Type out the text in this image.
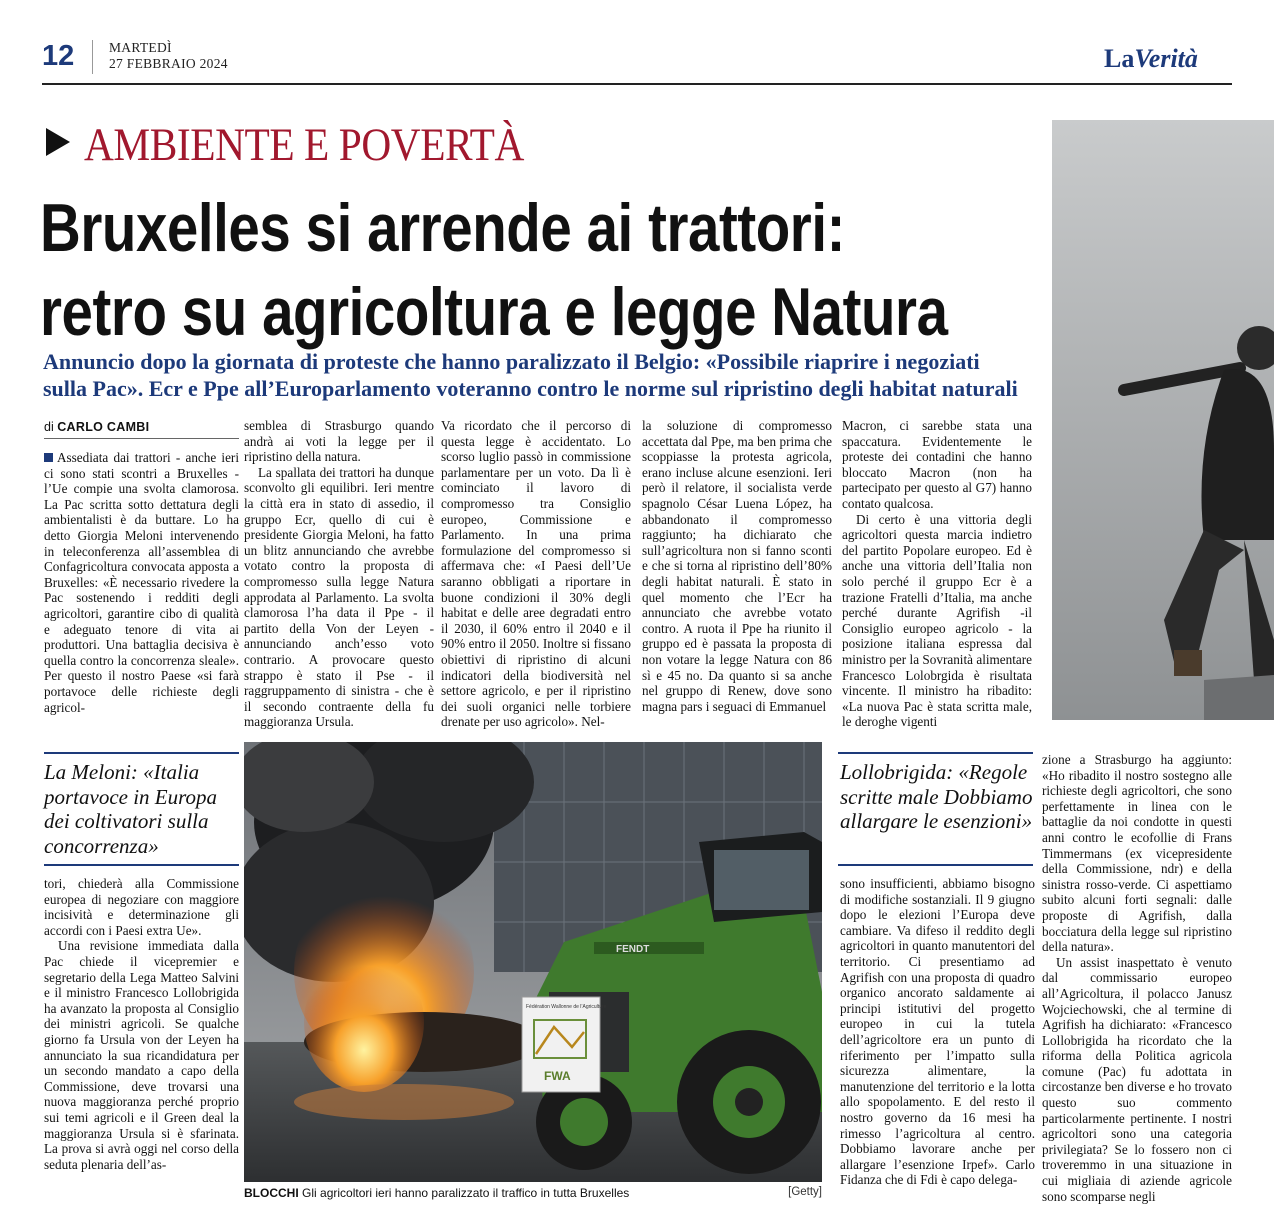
12	MARTEDÌ
27 FEBBRAIO 2024	LaVerità
AMBIENTE E POVERTÀ
Bruxelles si arrende ai trattori:
retro su agricoltura e legge Natura
Annuncio dopo la giornata di proteste che hanno paralizzato il Belgio: «Possibile riaprire i negoziati sulla Pac». Ecr e Ppe all’Europarlamento voteranno contro le norme sul ripristino degli habitat naturali
di CARLO CAMBI

Assediata dai trattori - anche ieri ci sono stati scontri a Bruxelles - l’Ue compie una svolta clamorosa. La Pac scritta sotto dettatura degli ambientalisti è da buttare. Lo ha detto Giorgia Meloni intervenendo in teleconferenza all’assemblea di Confagricoltura convocata apposta a Bruxelles: «È necessario rivedere la Pac sostenendo i redditi degli agricoltori, garantire cibo di qualità e adeguato tenore di vita ai produttori. Una battaglia decisiva è quella contro la concorrenza sleale». Per questo il nostro Paese «si farà portavoce delle richieste degli agricol-

semblea di Strasburgo quando andrà ai voti la legge per il ripristino della natura.

La spallata dei trattori ha dunque sconvolto gli equilibri. Ieri mentre la città era in stato di assedio, il gruppo Ecr, quello di cui è presidente Giorgia Meloni, ha fatto un blitz annunciando che avrebbe votato contro la proposta di compromesso sulla legge Natura approdata al Parlamento. La svolta clamorosa l’ha data il Ppe - il partito della Von der Leyen - annunciando anch’esso voto contrario. A provocare questo strappo è stato il Pse - il raggruppamento di sinistra - che è il secondo contraente della fu maggioranza Ursula.

Va ricordato che il percorso di questa legge è accidentato. Lo scorso luglio passò in commissione parlamentare per un voto. Da lì è cominciato il lavoro di compromesso tra Consiglio europeo, Commissione e Parlamento. In una prima formulazione del compromesso si affermava che: «I Paesi dell’Ue saranno obbligati a riportare in buone condizioni il 30% degli habitat e delle aree degradati entro il 2030, il 60% entro il 2040 e il 90% entro il 2050. Inoltre si fissano obiettivi di ripristino di alcuni indicatori della biodiversità nel settore agricolo, e per il ripristino dei suoli organici nelle torbiere drenate per uso agricolo». Nel-

la soluzione di compromesso accettata dal Ppe, ma ben prima che scoppiasse la protesta agricola, erano incluse alcune esenzioni. Ieri però il relatore, il socialista verde spagnolo César Luena López, ha abbandonato il compromesso raggiunto; ha dichiarato che sull’agricoltura non si fanno sconti e che si torna al ripristino dell’80% degli habitat naturali. È stato in quel momento che l’Ecr ha annunciato che avrebbe votato contro. A ruota il Ppe ha riunito il gruppo ed è passata la proposta di non votare la legge Natura con 86 sì e 45 no. Da quanto si sa anche nel gruppo di Renew, dove sono magna pars i seguaci di Emmanuel

Macron, ci sarebbe stata una spaccatura. Evidentemente le proteste dei contadini che hanno bloccato Macron (non ha partecipato per questo al G7) hanno contato qualcosa.

Di certo è una vittoria degli agricoltori questa marcia indietro del partito Popolare europeo. Ed è anche una vittoria dell’Italia non solo perché il gruppo Ecr è a trazione Fratelli d’Italia, ma anche perché durante Agrifish -il Consiglio europeo agricolo - la posizione italiana espressa dal ministro per la Sovranità alimentare Francesco Lolobrgida è risultata vincente. Il ministro ha ribadito: «La nuova Pac è stata scritta male, le deroghe vigenti

La Meloni: «Italia portavoce in Europa dei coltivatori sulla concorrenza»
Lollobrigida: «Regole scritte male Dobbiamo allargare le esenzioni»

tori, chiederà alla Commissione europea di negoziare con maggiore incisività e determinazione gli accordi con i Paesi extra Ue».

Una revisione immediata dalla Pac chiede il vicepremier e segretario della Lega Matteo Salvini e il ministro Francesco Lollobrigida ha avanzato la proposta al Consiglio dei ministri agricoli. Se qualche giorno fa Ursula von der Leyen ha annunciato la sua ricandidatura per un secondo mandato a capo della Commissione, deve trovarsi una nuova maggioranza perché proprio sui temi agricoli e il Green deal la maggioranza Ursula si è sfarinata. La prova si avrà oggi nel corso della seduta plenaria dell’as-

sono insufficienti, abbiamo bisogno di modifiche sostanziali. Il 9 giugno dopo le elezioni l’Europa deve cambiare. Va difeso il reddito degli agricoltori in quanto manutentori del territorio. Ci presentiamo ad Agrifish con una proposta di quadro organico ancorato saldamente ai principi istitutivi del progetto europeo in cui la tutela dell’agricoltore era un punto di riferimento per l’impatto sulla sicurezza alimentare, la manutenzione del territorio e la lotta allo spopolamento. E del resto il nostro governo da 16 mesi ha rimesso l’agricoltura al centro. Dobbiamo lavorare anche per allargare l’esenzione Irpef». Carlo Fidanza che di Fdi è capo delega-

zione a Strasburgo ha aggiunto: «Ho ribadito il nostro sostegno alle richieste degli agricoltori, che sono perfettamente in linea con le battaglie da noi condotte in questi anni contro le ecofollie di Frans Timmermans (ex vicepresidente della Commissione, ndr) e della sinistra rosso-verde. Ci aspettiamo subito alcuni forti segnali: dalle proposte di Agrifish, dalla bocciatura della legge sul ripristino della natura».

Un assist inaspettato è venuto dal commissario europeo all’Agricoltura, il polacco Janusz Wojciechowski, che al termine di Agrifish ha dichiarato: «Francesco Lollobrigida ha ricordato che la riforma della Politica agricola comune (Pac) fu adottata in circostanze ben diverse e ho trovato questo suo commento particolarmente pertinente. I nostri agricoltori sono una categoria privilegiata? Se lo fossero non ci troveremmo in una situazione in cui migliaia di aziende agricole sono scomparse negli

FENDT
Fédération Wallonne de l’Agriculture
FWA
BLOCCHI Gli agricoltori ieri hanno paralizzato il traffico in tutta Bruxelles	[Getty]
